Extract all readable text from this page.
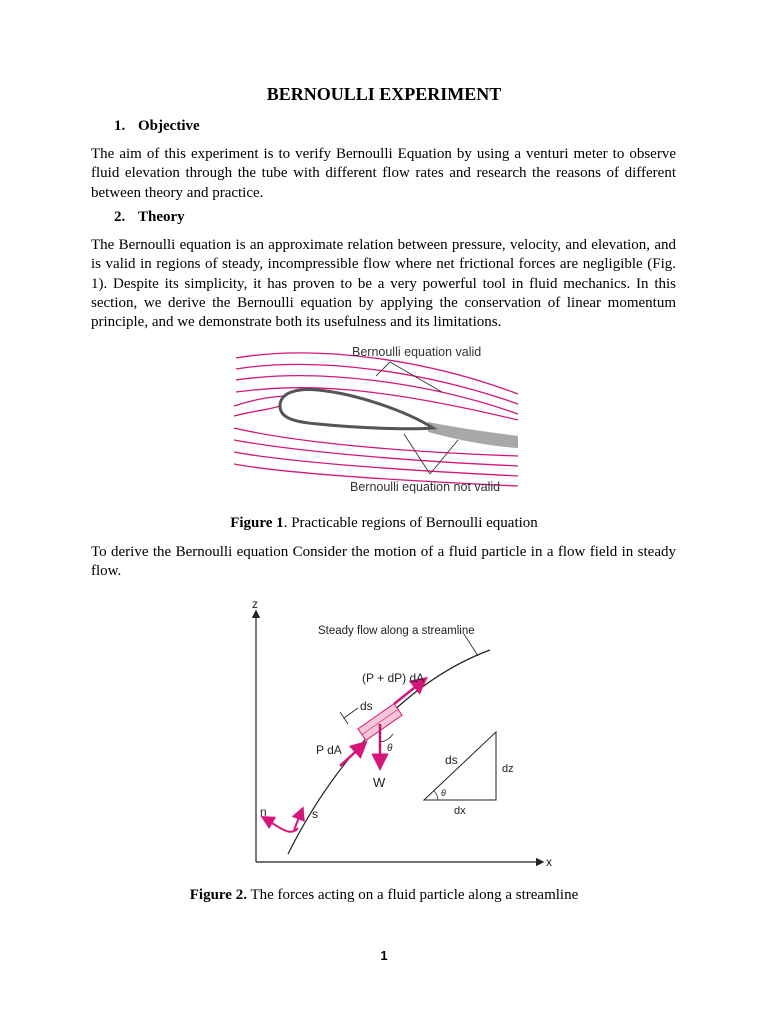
BERNOULLI EXPERIMENT
1. Objective
The aim of this experiment is to verify Bernoulli Equation by using a venturi meter to observe fluid elevation through the tube with different flow rates and research the reasons of different between theory and practice.
2. Theory
The Bernoulli equation is an approximate relation between pressure, velocity, and elevation, and is valid in regions of steady, incompressible flow where net frictional forces are negligible (Fig. 1). Despite its simplicity, it has proven to be a very powerful tool in fluid mechanics. In this section, we derive the Bernoulli equation by applying the conservation of linear momentum principle, and we demonstrate both its usefulness and its limitations.
Bernoulli equation valid
Bernoulli equation not valid
Figure 1. Practicable regions of Bernoulli equation
To derive the Bernoulli equation Consider the motion of a fluid particle in a flow field in steady flow.
z
x
Steady flow along a streamline
(P + dP) dA
ds
P dA	θ
W
n	s
ds
dz
dx
θ
Figure 2. The forces acting on a fluid particle along a streamline
1
